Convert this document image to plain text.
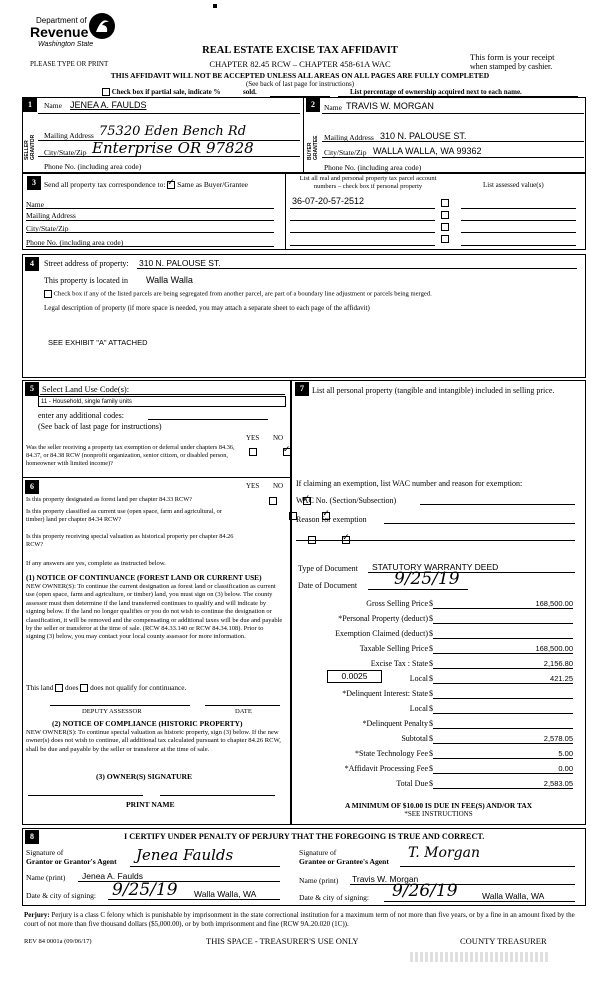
Department of
Revenue
Washington State
PLEASE TYPE OR PRINT
REAL ESTATE EXCISE TAX AFFIDAVIT
CHAPTER 82.45 RCW – CHAPTER 458-61A WAC
This form is your receipt
when stamped by cashier.
THIS AFFIDAVIT WILL NOT BE ACCEPTED UNLESS ALL AREAS ON ALL PAGES ARE FULLY COMPLETED
(See back of last page for instructions)
Check box if partial sale, indicate %	sold.	List percentage of ownership acquired next to each name.
1	2
SELLER GRANTOR	BUYER GRANTEE
Name JENEA A. FAULDS
Mailing Address 75320 Eden Bench Rd
City/State/Zip Enterprise OR 97828
Phone No. (including area code)
Name TRAVIS W. MORGAN
Mailing Address 310 N. PALOUSE ST.
City/State/Zip WALLA WALLA, WA 99362
Phone No. (including area code)
3	Send all property tax correspondence to: ✓ Same as Buyer/Grantee
List all real and personal property tax parcel account numbers – check box if personal property	List assessed value(s)
Name
Mailing Address
City/State/Zip
Phone No. (including area code)
36-07-20-57-2512
4	Street address of property: 310 N. PALOUSE ST.
This property is located in Walla Walla
Check box if any of the listed parcels are being segregated from another parcel, are part of a boundary line adjustment or parcels being merged.
Legal description of property (if more space is needed, you may attach a separate sheet to each page of the affidavit)
SEE EXHIBIT "A" ATTACHED
5 Select Land Use Code(s):
11 - Household, single family units
enter any additional codes:
(See back of last page for instructions)
YES NO
Was the seller receiving a property tax exemption or deferral under chapters 84.36, 84.37, or 84.38 RCW (nonprofit organization, senior citizen, or disabled person, homeowner with limited income)?
✓
6	YES NO
Is this property designated as forest land per chapter 84.33 RCW?
✓
Is this property classified as current use (open space, farm and agricultural, or timber) land per chapter 84.34 RCW?
✓
Is this property receiving special valuation as historical property per chapter 84.26 RCW?
✓
If any answers are yes, complete as instructed below.
(1) NOTICE OF CONTINUANCE (FOREST LAND OR CURRENT USE)
NEW OWNER(S): To continue the current designation as forest land or classification as current use (open space, farm and agriculture, or timber) land, you must sign on (3) below. The county assessor must then determine if the land transferred continues to qualify and will indicate by signing below. If the land no longer qualifies or you do not wish to continue the designation or classification, it will be removed and the compensating or additional taxes will be due and payable by the seller or transferor at the time of sale. (RCW 84.33.140 or RCW 84.34.108). Prior to signing (3) below, you may contact your local county assessor for more information.
This land does does not qualify for continuance.
DEPUTY ASSESSOR	DATE
(2) NOTICE OF COMPLIANCE (HISTORIC PROPERTY)
NEW OWNER(S): To continue special valuation as historic property, sign (3) below. If the new owner(s) does not wish to continue, all additional tax calculated pursuant to chapter 84.26 RCW, shall be due and payable by the seller or transferor at the time of sale.
(3) OWNER(S) SIGNATURE
PRINT NAME
7	List all personal property (tangible and intangible) included in selling price.
If claiming an exemption, list WAC number and reason for exemption:
WAC No. (Section/Subsection)
Reason for exemption
Type of Document STATUTORY WARRANTY DEED
Date of Document 9/25/19
Gross Selling Price $	168,500.00
*Personal Property (deduct) $
Exemption Claimed (deduct) $
Taxable Selling Price $	168,500.00
Excise Tax : State $	2,156.80
0.0025	Local $	421.25
*Delinquent Interest: State $
Local $
*Delinquent Penalty $
Subtotal $	2,578.05
*State Technology Fee $	5.00
*Affidavit Processing Fee $	0.00
Total Due $	2,583.05
A MINIMUM OF $10.00 IS DUE IN FEE(S) AND/OR TAX
*SEE INSTRUCTIONS
8	I CERTIFY UNDER PENALTY OF PERJURY THAT THE FOREGOING IS TRUE AND CORRECT.
Signature of
Grantor or Grantor's Agent Jenea Faulds
Name (print) Jenea A. Faulds
Date & city of signing: 9/25/19 Walla Walla, WA
Signature of
Grantee or Grantee's Agent
T. Morgan
Name (print) Travis W. Morgan
Date & city of signing: 9/26/19	Walla Walla, WA
Perjury: Perjury is a class C felony which is punishable by imprisonment in the state correctional institution for a maximum term of not more than five years, or by a fine in an amount fixed by the court of not more than five thousand dollars ($5,000.00), or by both imprisonment and fine (RCW 9A.20.020 (1C)).
REV 84 0001a (09/06/17)	THIS SPACE - TREASURER'S USE ONLY	COUNTY TREASURER
